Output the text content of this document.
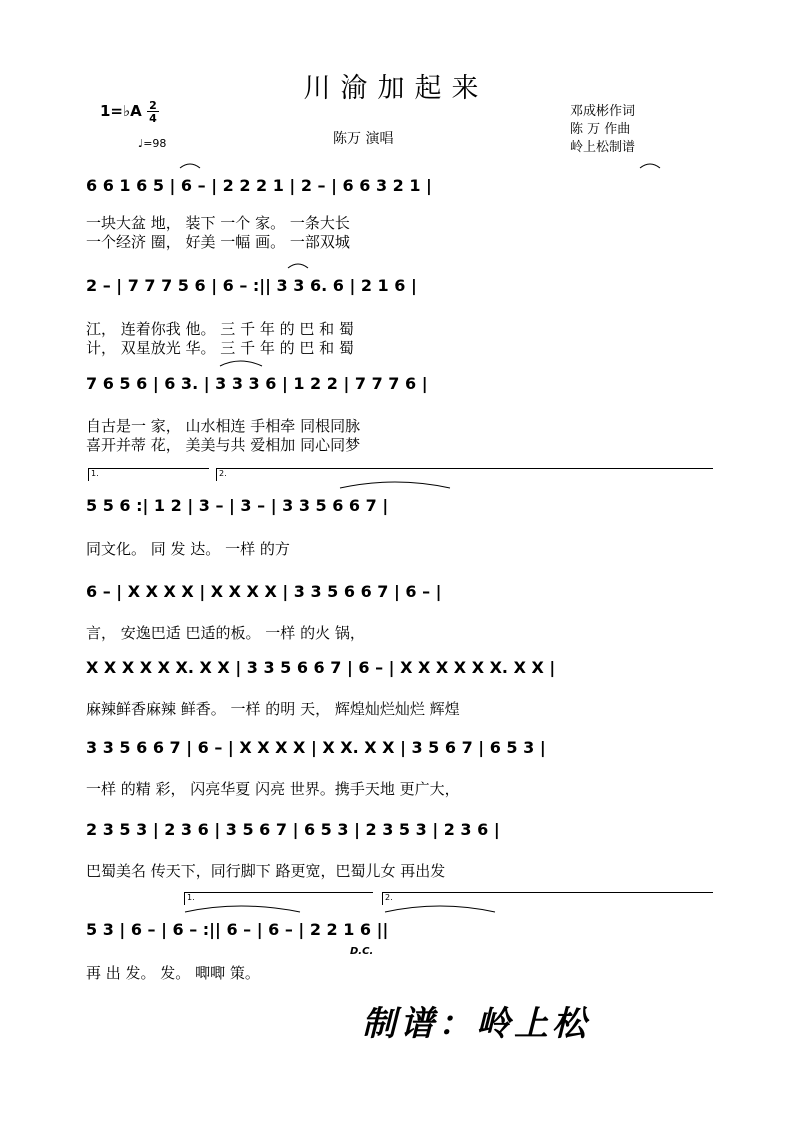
川渝加起来
1=♭A 2
4
♩=98	陈万 演唱
邓成彬作词
陈 万 作曲
岭上松制谱
6 6 1 6 5 | 6 – | 2 2 2 1 | 2 – | 6 6 3 2 1 |
一块大盆 地， 装下 一个 家。 一条大长
一个经济 圈， 好美 一幅 画。 一部双城
2 – | 7 7 7 5 6 | 6 – :|| 3 3 6. 6 | 2 1 6 |
江， 连着你我 他。 三 千 年 的 巴 和 蜀
计， 双星放光 华。 三 千 年 的 巴 和 蜀
7 6 5 6 | 6 3. | 3 3 3 6 | 1 2 2 | 7 7 7 6 |
自古是一 家， 山水相连 手相牵 同根同脉
喜开并蒂 花， 美美与共 爱相加 同心同梦
1.	2.
5 5 6 :| 1 2 | 3 – | 3 – | 3 3 5 6 6 7 |
同文化。 同 发 达。 一样 的方
6 – | X X X X | X X X X | 3 3 5 6 6 7 | 6 – |
言， 安逸巴适 巴适的板。 一样 的火 锅，
X X X X X X. X X | 3 3 5 6 6 7 | 6 – | X X X X X X. X X |
麻辣鲜香麻辣 鲜香。 一样 的明 天， 辉煌灿烂灿烂 辉煌
3 3 5 6 6 7 | 6 – | X X X X | X X. X X | 3 5 6 7 | 6 5 3 |
一样 的精 彩， 闪亮华夏 闪亮 世界。携手天地 更广大，
2 3 5 3 | 2 3 6 | 3 5 6 7 | 6 5 3 | 2 3 5 3 | 2 3 6 |
巴蜀美名 传天下，同行脚下 路更宽，巴蜀儿女 再出发
1.	2.
5 3 | 6 – | 6 – :|| 6 – | 6 – | 2 2 1 6 ||
D.C.
再 出 发。 发。 唧唧 策。
制谱：岭上松
